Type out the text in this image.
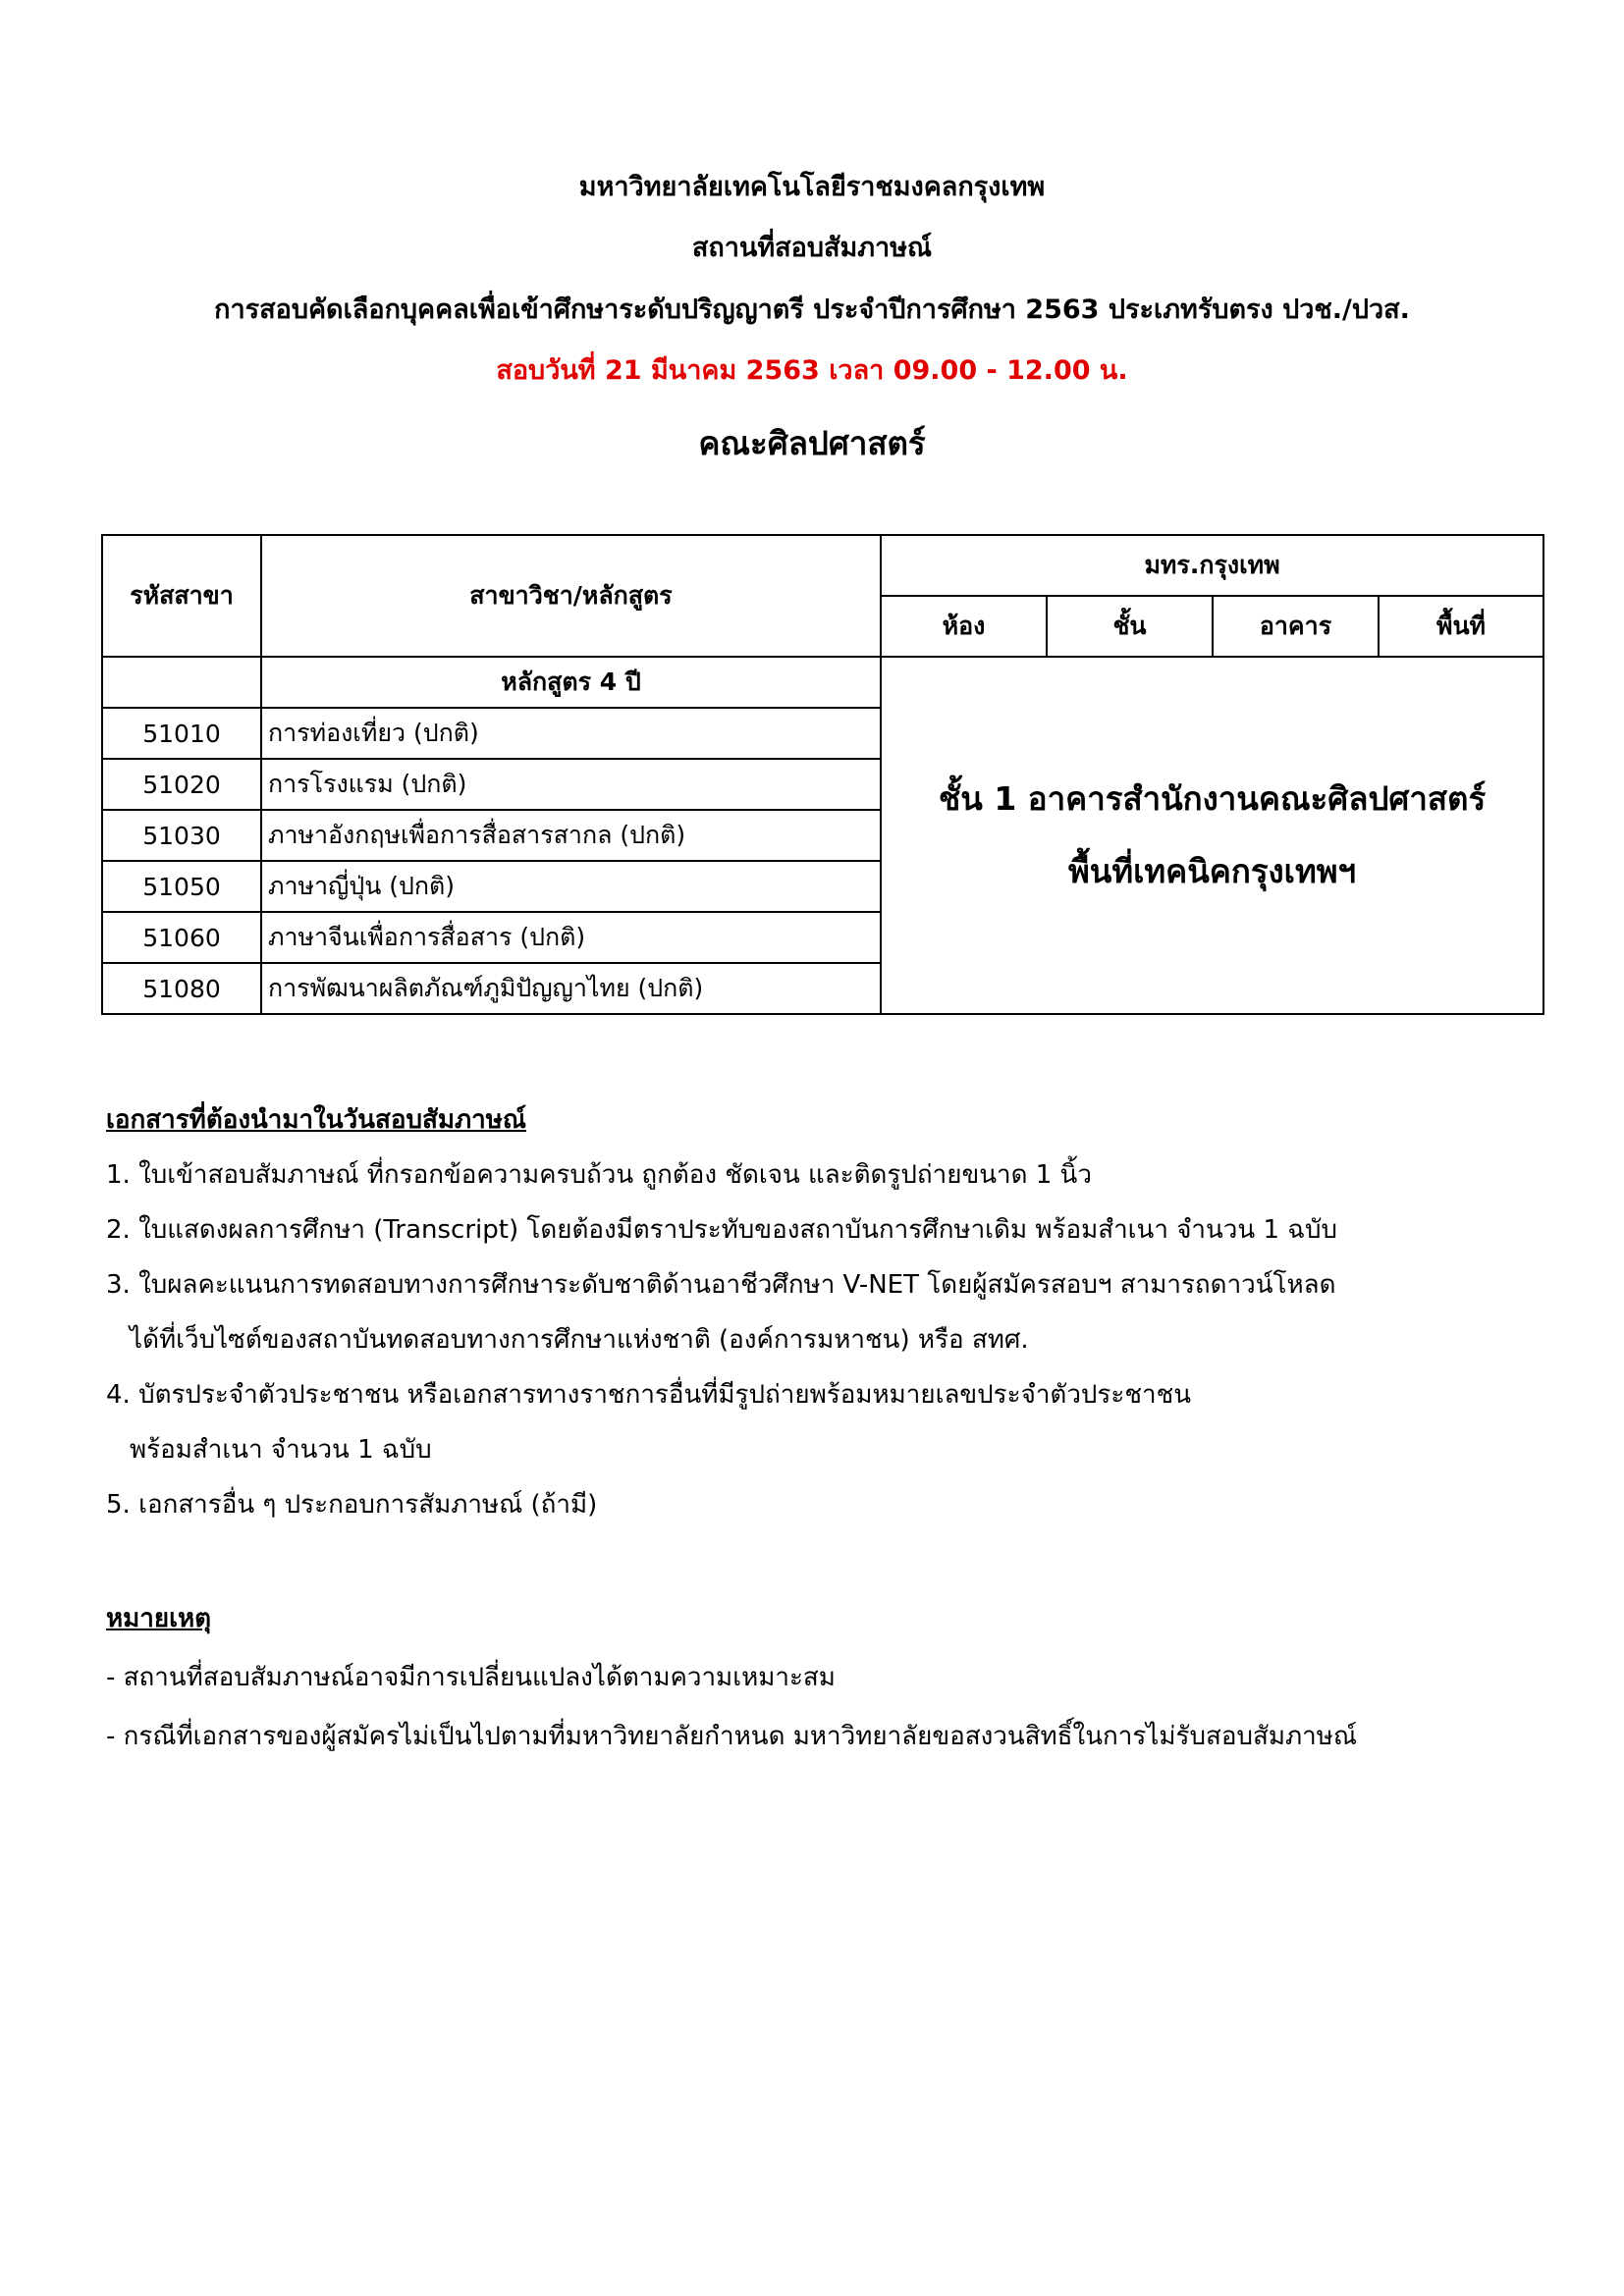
มหาวิทยาลัยเทคโนโลยีราชมงคลกรุงเทพ
สถานที่สอบสัมภาษณ์
การสอบคัดเลือกบุคคลเพื่อเข้าศึกษาระดับปริญญาตรี ประจำปีการศึกษา 2563 ประเภทรับตรง ปวช./ปวส.
สอบวันที่ 21 มีนาคม 2563 เวลา 09.00 - 12.00 น.
คณะศิลปศาสตร์
รหัสสาขา	สาขาวิชา/หลักสูตร	มทร.กรุงเทพ			
		ห้อง	ชั้น	อาคาร	พื้นที่
	หลักสูตร 4 ปี	ชั้น 1 อาคารสำนักงานคณะศิลปศาสตร์
พื้นที่เทคนิคกรุงเทพฯ			

51010	การท่องเที่ยว (ปกติ)				
51020	การโรงแรม (ปกติ)				
51030	ภาษาอังกฤษเพื่อการสื่อสารสากล (ปกติ)				
51050	ภาษาญี่ปุ่น (ปกติ)				
51060	ภาษาจีนเพื่อการสื่อสาร (ปกติ)				
51080	การพัฒนาผลิตภัณฑ์ภูมิปัญญาไทย (ปกติ)				
เอกสารที่ต้องนำมาในวันสอบสัมภาษณ์
1. ใบเข้าสอบสัมภาษณ์ ที่กรอกข้อความครบถ้วน ถูกต้อง ชัดเจน และติดรูปถ่ายขนาด 1 นิ้ว
2. ใบแสดงผลการศึกษา (Transcript) โดยต้องมีตราประทับของสถาบันการศึกษาเดิม พร้อมสำเนา จำนวน 1 ฉบับ
3. ใบผลคะแนนการทดสอบทางการศึกษาระดับชาติด้านอาชีวศึกษา V-NET โดยผู้สมัครสอบฯ สามารถดาวน์โหลด
ได้ที่เว็บไซต์ของสถาบันทดสอบทางการศึกษาแห่งชาติ (องค์การมหาชน) หรือ สทศ.
4. บัตรประจำตัวประชาชน หรือเอกสารทางราชการอื่นที่มีรูปถ่ายพร้อมหมายเลขประจำตัวประชาชน
พร้อมสำเนา จำนวน 1 ฉบับ
5. เอกสารอื่น ๆ ประกอบการสัมภาษณ์ (ถ้ามี)
หมายเหตุ
- สถานที่สอบสัมภาษณ์อาจมีการเปลี่ยนแปลงได้ตามความเหมาะสม
- กรณีที่เอกสารของผู้สมัครไม่เป็นไปตามที่มหาวิทยาลัยกำหนด มหาวิทยาลัยขอสงวนสิทธิ์ในการไม่รับสอบสัมภาษณ์
